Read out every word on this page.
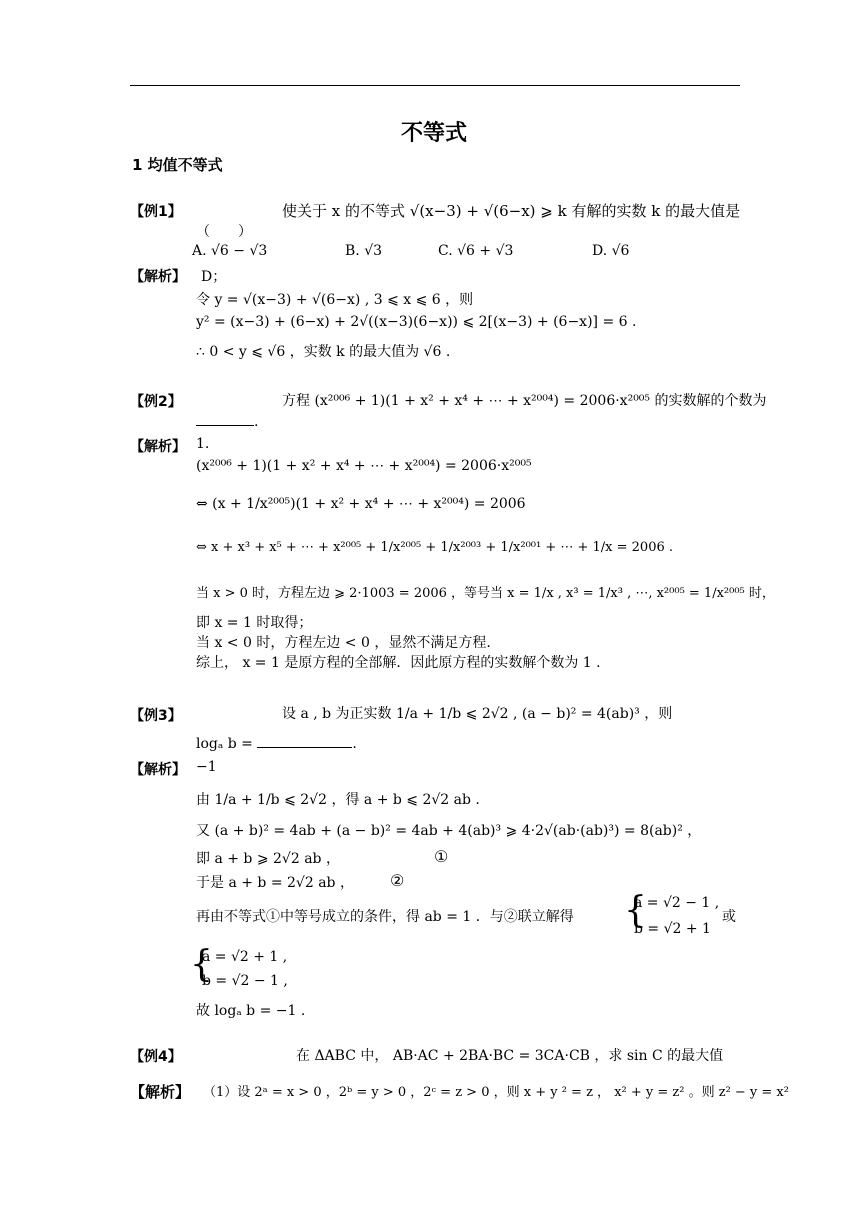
不等式
1 均值不等式
【例1】	使关于 x 的不等式 √(x−3) + √(6−x) ⩾ k 有解的实数 k 的最大值是
（　　）
A. √6 − √3	B. √3	C. √6 + √3	D. √6
【解析】 D；
令 y = √(x−3) + √(6−x) , 3 ⩽ x ⩽ 6 ，则
y² = (x−3) + (6−x) + 2√((x−3)(6−x)) ⩽ 2[(x−3) + (6−x)] = 6 .
∴ 0 < y ⩽ √6 ，实数 k 的最大值为 √6 .
【例2】	方程 (x²⁰⁰⁶ + 1)(1 + x² + x⁴ + ⋯ + x²⁰⁰⁴) = 2006·x²⁰⁰⁵ 的实数解的个数为
.
【解析】 1.
(x²⁰⁰⁶ + 1)(1 + x² + x⁴ + ⋯ + x²⁰⁰⁴) = 2006·x²⁰⁰⁵
⇔ (x + 1/x²⁰⁰⁵)(1 + x² + x⁴ + ⋯ + x²⁰⁰⁴) = 2006
⇔ x + x³ + x⁵ + ⋯ + x²⁰⁰⁵ + 1/x²⁰⁰⁵ + 1/x²⁰⁰³ + 1/x²⁰⁰¹ + ⋯ + 1/x = 2006 .
当 x > 0 时，方程左边 ⩾ 2·1003 = 2006 ，等号当 x = 1/x , x³ = 1/x³ , ⋯, x²⁰⁰⁵ = 1/x²⁰⁰⁵ 时，
即 x = 1 时取得；
当 x < 0 时，方程左边 < 0 ，显然不满足方程.
综上， x = 1 是原方程的全部解．因此原方程的实数解个数为 1 .
【例3】	设 a , b 为正实数 1/a + 1/b ⩽ 2√2 , (a − b)² = 4(ab)³ ，则
logₐ b =	.
【解析】 −1
由 1/a + 1/b ⩽ 2√2 ，得 a + b ⩽ 2√2 ab .
又 (a + b)² = 4ab + (a − b)² = 4ab + 4(ab)³ ⩾ 4·2√(ab·(ab)³) = 8(ab)² ，
即 a + b ⩾ 2√2 ab ，	①
于是 a + b = 2√2 ab ， ②
再由不等式①中等号成立的条件，得 ab = 1 ．与②联立解得 {
a = √2 − 1 ,
b = √2 + 1
或
{
a = √2 + 1 ,
b = √2 − 1 ,
故 logₐ b = −1 .
【例4】	在 ΔABC 中， AB·AC + 2BA·BC = 3CA·CB ，求 sin C 的最大值
【解析】 （1）设 2ᵃ = x > 0 ，2ᵇ = y > 0 ，2ᶜ = z > 0 ，则 x + y ² = z ， x² + y = z² 。则 z² − y = x²
